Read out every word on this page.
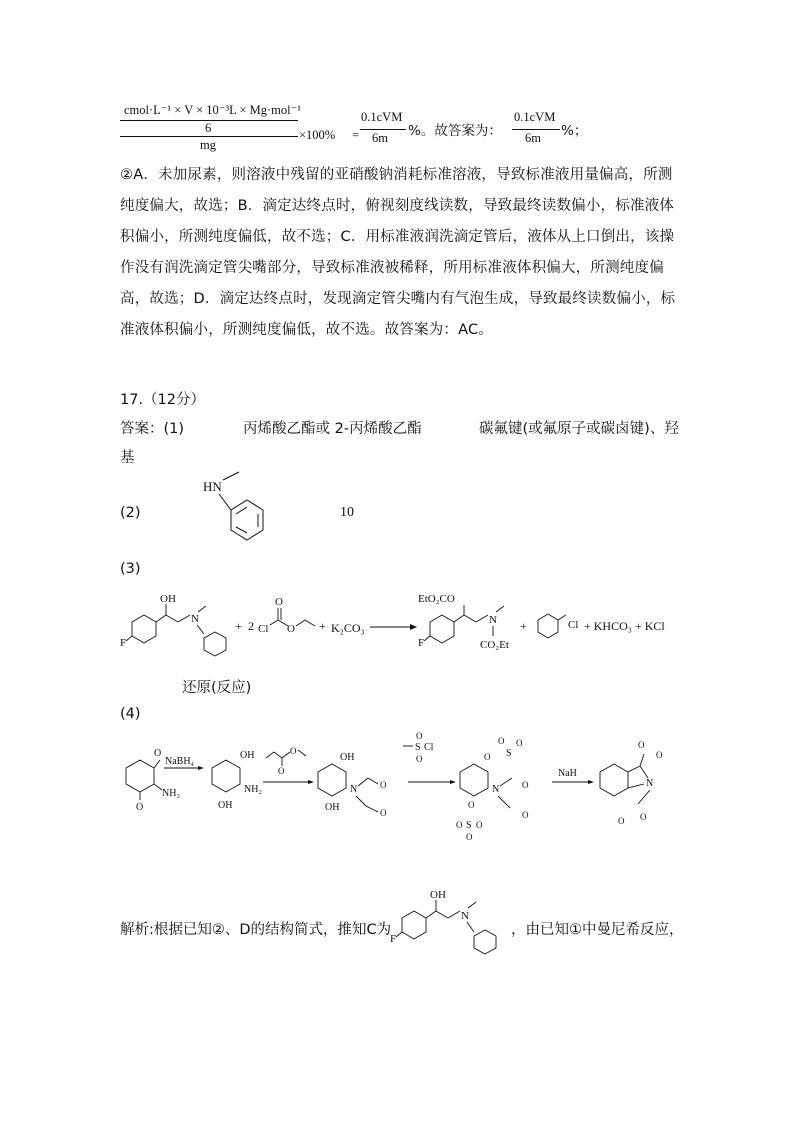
cmol·L⁻¹ × V × 10⁻³L × Mg·mol⁻¹
6
mg
×100% =
0.1cVM
6m %。故答案为：
0.1cVM
6m %；
②A．未加尿素，则溶液中残留的亚硝酸钠消耗标准溶液，导致标准液用量偏高，所测纯度偏大，故选；B．滴定达终点时，俯视刻度线读数，导致最终读数偏小，标准液体积偏小，所测纯度偏低，故不选；C．用标准液润洗滴定管后，液体从上口倒出，该操作没有润洗滴定管尖嘴部分，导致标准液被稀释，所用标准液体积偏大，所测纯度偏高，故选；D．滴定达终点时，发现滴定管尖嘴内有气泡生成，导致最终读数偏小，标准液体积偏小，所测纯度偏低，故不选。故答案为：AC。
17.（12分）
答案：(1)	丙烯酸乙酯或 2-丙烯酸乙酯	碳氟键(或氟原子或碳卤键)、羟
基
(2)	10
HN
(3)
F
OH
N	+ 2 Cl
O
O + K₂CO₃
EtO₂CO
F
N
CO₂Et
+	Cl + KHCO₃ + KCl
还原(反应)
(4)
O
NH₂
O
NaBH₄
OH
NH₂
OH
O
O
OH
OH
N	O
O
S Cl
O
O	O
O
S
O
N	O
O
O
O S O
O
NaH
N
O
O
O O
解析:根据已知②、D的结构简式，推知C为
F
OH
N
，由已知①中曼尼希反应，
